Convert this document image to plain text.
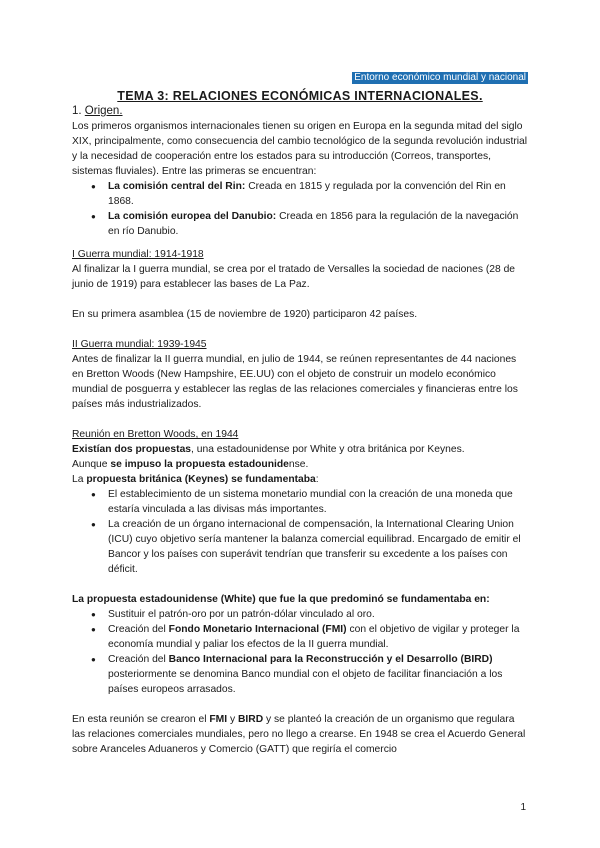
Entorno económico mundial y nacional
TEMA 3: RELACIONES ECONÓMICAS INTERNACIONALES.

1. Origen.

Los primeros organismos internacionales tienen su origen en Europa en la segunda mitad del siglo XIX, principalmente, como consecuencia del cambio tecnológico de la segunda revolución industrial y la necesidad de cooperación entre los estados para su introducción (Correos, transportes, sistemas fluviales). Entre las primeras se encuentran:

● La comisión central del Rin: Creada en 1815 y regulada por la convención del Rin en 1868.
● La comisión europea del Danubio: Creada en 1856 para la regulación de la navegación en río Danubio.

I Guerra mundial: 1914-1918

Al finalizar la I guerra mundial, se crea por el tratado de Versalles la sociedad de naciones (28 de junio de 1919) para establecer las bases de La Paz.

En su primera asamblea (15 de noviembre de 1920) participaron 42 países.

II Guerra mundial: 1939-1945

Antes de finalizar la II guerra mundial, en julio de 1944, se reúnen representantes de 44 naciones en Bretton Woods (New Hampshire, EE.UU) con el objeto de construir un modelo económico mundial de posguerra y establecer las reglas de las relaciones comerciales y financieras entre los países más industrializados.

Reunión en Bretton Woods, en 1944

Existían dos propuestas, una estadounidense por White y otra británica por Keynes.

Aunque se impuso la propuesta estadounidense.

La propuesta británica (Keynes) se fundamentaba:

● El establecimiento de un sistema monetario mundial con la creación de una moneda que estaría vinculada a las divisas más importantes.
● La creación de un órgano internacional de compensación, la International Clearing Union (ICU) cuyo objetivo sería mantener la balanza comercial equilibrad. Encargado de emitir el Bancor y los países con superávit tendrían que transferir su excedente a los países con déficit.

La propuesta estadounidense (White) que fue la que predominó se fundamentaba en:

● Sustituir el patrón-oro por un patrón-dólar vinculado al oro.
● Creación del Fondo Monetario Internacional (FMI) con el objetivo de vigilar y proteger la economía mundial y paliar los efectos de la II guerra mundial.
● Creación del Banco Internacional para la Reconstrucción y el Desarrollo (BIRD) posteriormente se denomina Banco mundial con el objeto de facilitar financiación a los países europeos arrasados.

En esta reunión se crearon el FMI y BIRD y se planteó la creación de un organismo que regulara las relaciones comerciales mundiales, pero no llego a crearse. En 1948 se crea el Acuerdo General sobre Aranceles Aduaneros y Comercio (GATT) que regiría el comercio

1
